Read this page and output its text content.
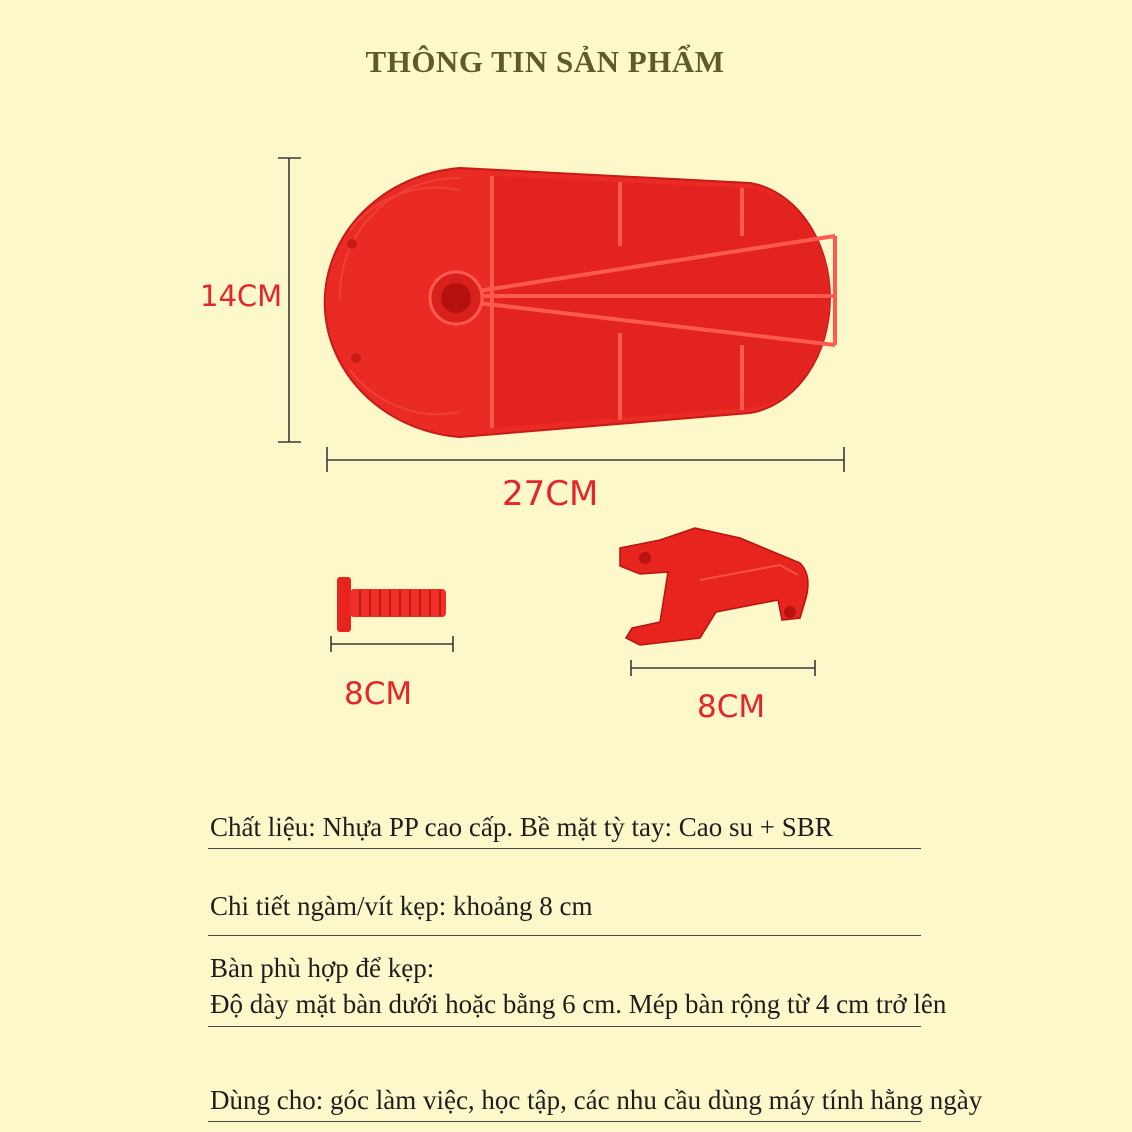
THÔNG TIN SẢN PHẨM
14CM
27CM
8CM	8CM
Chất liệu: Nhựa PP cao cấp. Bề mặt tỳ tay: Cao su + SBR
Chi tiết ngàm/vít kẹp: khoảng 8 cm
Bàn phù hợp để kẹp:
Độ dày mặt bàn dưới hoặc bằng 6 cm. Mép bàn rộng từ 4 cm trở lên
Dùng cho: góc làm việc, học tập, các nhu cầu dùng máy tính hằng ngày
